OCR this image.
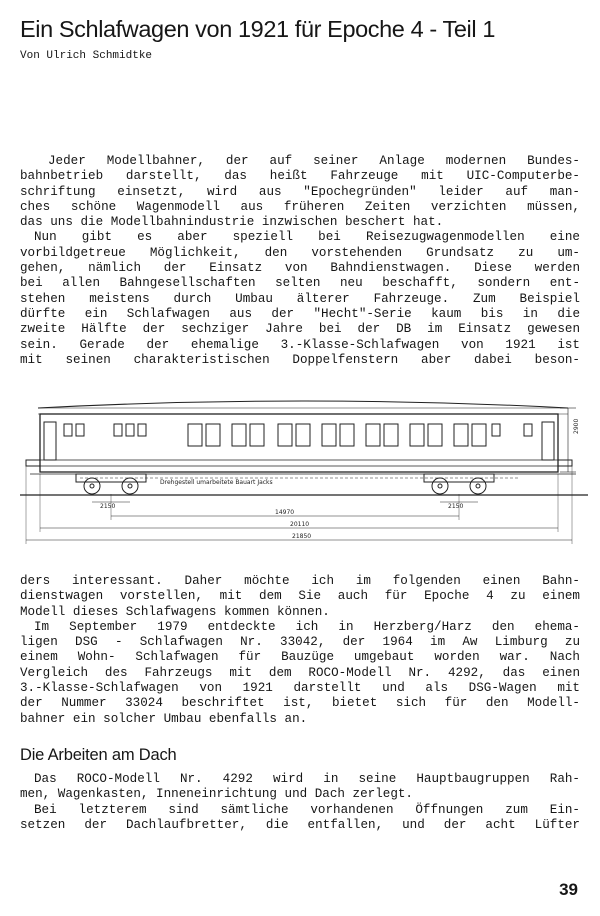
Ein Schlafwagen von 1921 für Epoche 4 - Teil 1
Von Ulrich Schmidtke
Jeder Modellbahner, der auf seiner Anlage modernen Bundes-
bahnbetrieb darstellt, das heißt Fahrzeuge mit UIC-Computerbe-
schriftung einsetzt, wird aus "Epochegründen" leider auf man-
ches schöne Wagenmodell aus früheren Zeiten verzichten müssen,
das uns die Modellbahnindustrie inzwischen beschert hat.
Nun gibt es aber speziell bei Reisezugwagenmodellen eine
vorbildgetreue Möglichkeit, den vorstehenden Grundsatz zu um-
gehen, nämlich der Einsatz von Bahndienstwagen. Diese werden
bei allen Bahngesellschaften selten neu beschafft, sondern ent-
stehen meistens durch Umbau älterer Fahrzeuge. Zum Beispiel
dürfte ein Schlafwagen aus der "Hecht"-Serie kaum bis in die
zweite Hälfte der sechziger Jahre bei der DB im Einsatz gewesen
sein. Gerade der ehemalige 3.-Klasse-Schlafwagen von 1921 ist
mit seinen charakteristischen Doppelfenstern aber dabei beson-
Drehgestell umarbeitete Bauart Jacks
2900
2150	2150
14970
20110
21850
ders interessant. Daher möchte ich im folgenden einen Bahn-
dienstwagen vorstellen, mit dem Sie auch für Epoche 4 zu einem
Modell dieses Schlafwagens kommen können.
Im September 1979 entdeckte ich in Herzberg/Harz den ehema-
ligen DSG - Schlafwagen Nr. 33042, der 1964 im Aw Limburg zu
einem Wohn- Schlafwagen für Bauzüge umgebaut worden war. Nach
Vergleich des Fahrzeugs mit dem ROCO-Modell Nr. 4292, das einen
3.-Klasse-Schlafwagen von 1921 darstellt und als DSG-Wagen mit
der Nummer 33024 beschriftet ist, bietet sich für den Modell-
bahner ein solcher Umbau ebenfalls an.
Die Arbeiten am Dach
Das ROCO-Modell Nr. 4292 wird in seine Hauptbaugruppen Rah-
men, Wagenkasten, Inneneinrichtung und Dach zerlegt.
Bei letzterem sind sämtliche vorhandenen Öffnungen zum Ein-
setzen der Dachlaufbretter, die entfallen, und der acht Lüfter
39
